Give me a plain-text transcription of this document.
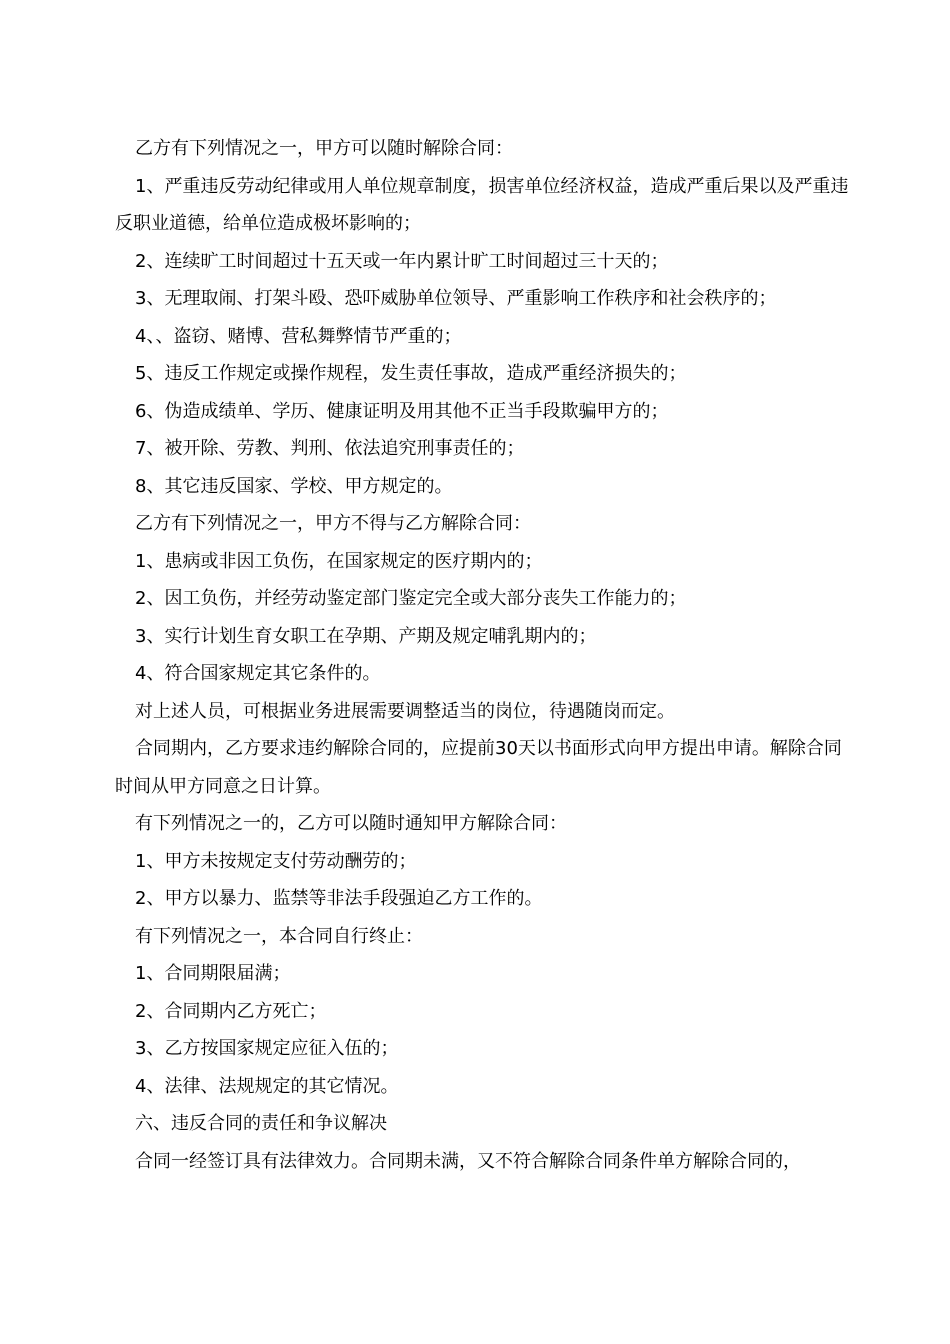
乙方有下列情况之一，甲方可以随时解除合同：

1、严重违反劳动纪律或用人单位规章制度，损害单位经济权益，造成严重后果以及严重违反职业道德，给单位造成极坏影响的；

2、连续旷工时间超过十五天或一年内累计旷工时间超过三十天的；

3、无理取闹、打架斗殴、恐吓威胁单位领导、严重影响工作秩序和社会秩序的；

4、、盗窃、赌博、营私舞弊情节严重的；

5、违反工作规定或操作规程，发生责任事故，造成严重经济损失的；

6、伪造成绩单、学历、健康证明及用其他不正当手段欺骗甲方的；

7、被开除、劳教、判刑、依法追究刑事责任的；

8、其它违反国家、学校、甲方规定的。

乙方有下列情况之一，甲方不得与乙方解除合同：

1、患病或非因工负伤，在国家规定的医疗期内的；

2、因工负伤，并经劳动鉴定部门鉴定完全或大部分丧失工作能力的；

3、实行计划生育女职工在孕期、产期及规定哺乳期内的；

4、符合国家规定其它条件的。

对上述人员，可根据业务进展需要调整适当的岗位，待遇随岗而定。

合同期内，乙方要求违约解除合同的，应提前30天以书面形式向甲方提出申请。解除合同时间从甲方同意之日计算。

有下列情况之一的，乙方可以随时通知甲方解除合同：

1、甲方未按规定支付劳动酬劳的；

2、甲方以暴力、监禁等非法手段强迫乙方工作的。

有下列情况之一，本合同自行终止：

1、合同期限届满；

2、合同期内乙方死亡；

3、乙方按国家规定应征入伍的；

4、法律、法规规定的其它情况。

六、违反合同的责任和争议解决

合同一经签订具有法律效力。合同期未满，又不符合解除合同条件单方解除合同的，
